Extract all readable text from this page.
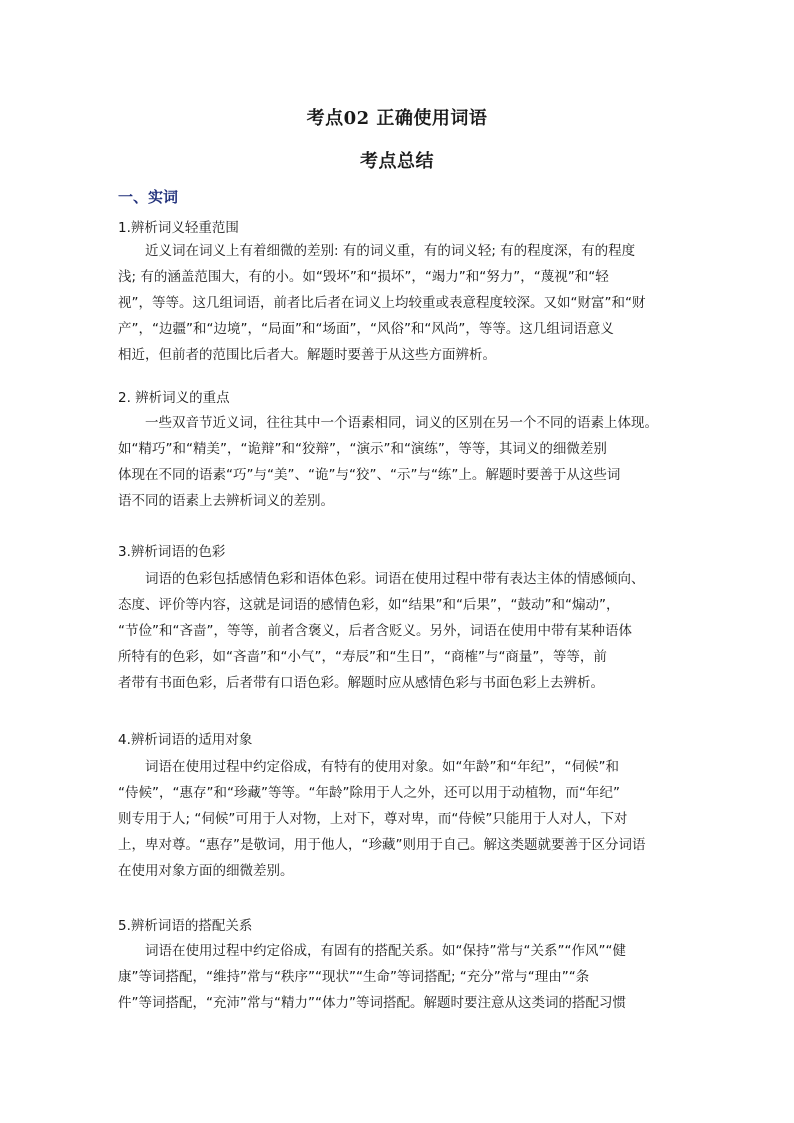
考点02 正确使用词语
考点总结
一、实词
1.辨析词义轻重范围
　　近义词在词义上有着细微的差别: 有的词义重，有的词义轻; 有的程度深，有的程度
浅; 有的涵盖范围大，有的小。如“毁坏”和“损坏”，“竭力”和“努力”，“蔑视”和“轻
视”，等等。这几组词语，前者比后者在词义上均较重或表意程度较深。又如“财富”和“财
产”，“边疆”和“边境”，“局面”和“场面”，“风俗”和“风尚”，等等。这几组词语意义
相近，但前者的范围比后者大。解题时要善于从这些方面辨析。
2. 辨析词义的重点
　　一些双音节近义词，往往其中一个语素相同，词义的区别在另一个不同的语素上体现。
如“精巧”和“精美”，“诡辩”和“狡辩”，“演示”和“演练”，等等，其词义的细微差别
体现在不同的语素“巧”与“美”、“诡”与“狡”、“示”与“练”上。解题时要善于从这些词
语不同的语素上去辨析词义的差别。
3.辨析词语的色彩
　　词语的色彩包括感情色彩和语体色彩。词语在使用过程中带有表达主体的情感倾向、
态度、评价等内容，这就是词语的感情色彩，如“结果”和“后果”，“鼓动”和“煽动”，
“节俭”和“吝啬”，等等，前者含褒义，后者含贬义。另外，词语在使用中带有某种语体
所特有的色彩，如“吝啬”和“小气”，“寿辰”和“生日”，“商榷”与“商量”，等等，前
者带有书面色彩，后者带有口语色彩。解题时应从感情色彩与书面色彩上去辨析。
4.辨析词语的适用对象
　　词语在使用过程中约定俗成，有特有的使用对象。如“年龄”和“年纪”，“伺候”和
“侍候”，“惠存”和“珍藏”等等。“年龄”除用于人之外，还可以用于动植物，而“年纪”
则专用于人; “伺候”可用于人对物，上对下，尊对卑，而“侍候”只能用于人对人，下对
上，卑对尊。“惠存”是敬词，用于他人，“珍藏”则用于自己。解这类题就要善于区分词语
在使用对象方面的细微差别。
5.辨析词语的搭配关系
　　词语在使用过程中约定俗成，有固有的搭配关系。如“保持”常与“关系”“作风”“健
康”等词搭配，“维持”常与“秩序”“现状”“生命”等词搭配; “充分”常与“理由”“条
件”等词搭配，“充沛”常与“精力”“体力”等词搭配。解题时要注意从这类词的搭配习惯
